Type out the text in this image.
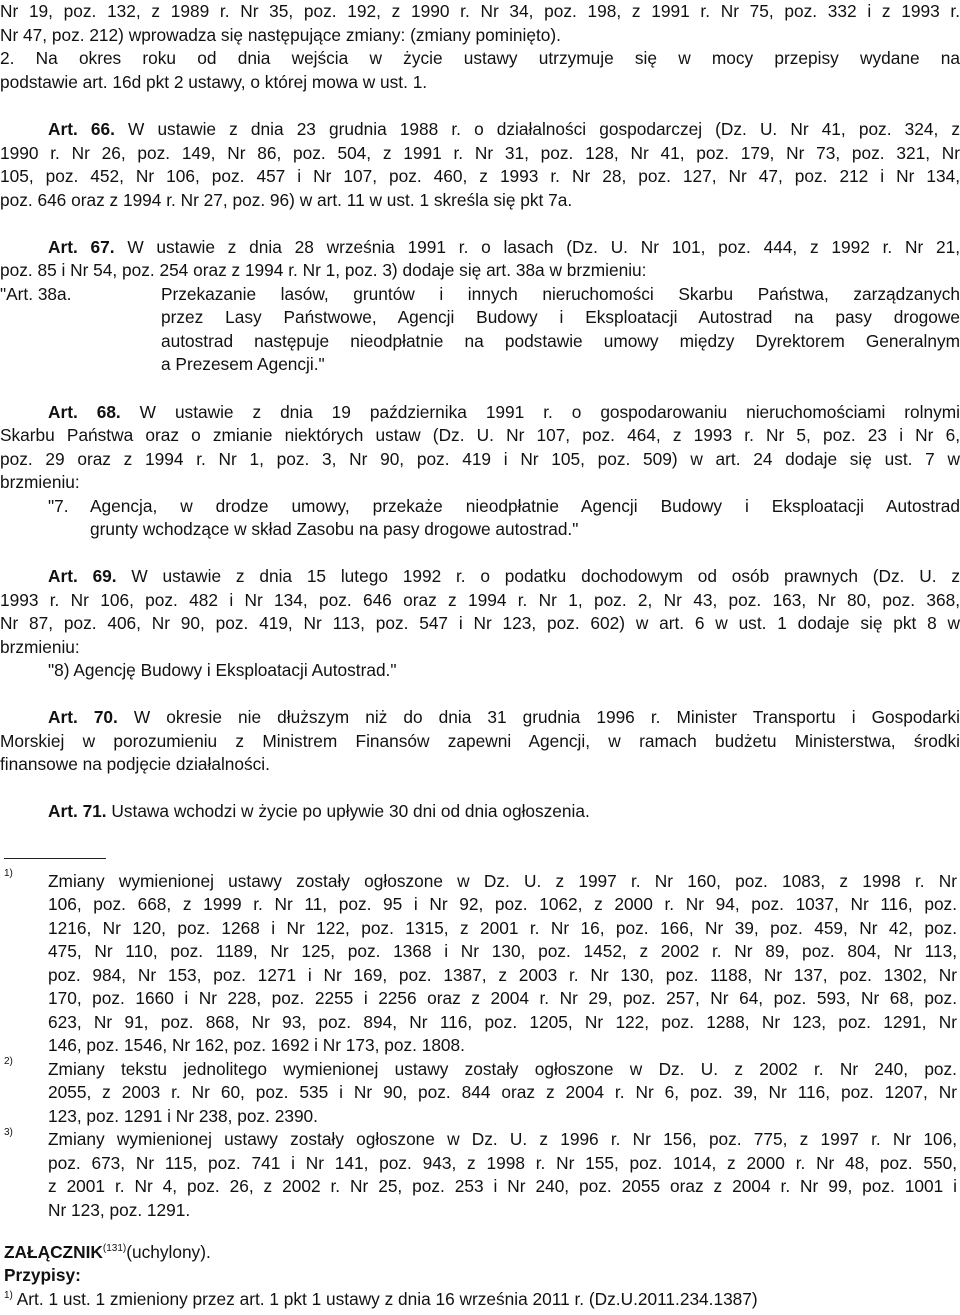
Nr 19, poz. 132, z 1989 r. Nr 35, poz. 192, z 1990 r. Nr 34, poz. 198, z 1991 r. Nr 75, poz. 332 i z 1993 r.
Nr 47, poz. 212) wprowadza się następujące zmiany: (zmiany pominięto).
2. Na okres roku od dnia wejścia w życie ustawy utrzymuje się w mocy przepisy wydane na
podstawie art. 16d pkt 2 ustawy, o której mowa w ust. 1.
Art. 66. W ustawie z dnia 23 grudnia 1988 r. o działalności gospodarczej (Dz. U. Nr 41, poz. 324, z
1990 r. Nr 26, poz. 149, Nr 86, poz. 504, z 1991 r. Nr 31, poz. 128, Nr 41, poz. 179, Nr 73, poz. 321, Nr
105, poz. 452, Nr 106, poz. 457 i Nr 107, poz. 460, z 1993 r. Nr 28, poz. 127, Nr 47, poz. 212 i Nr 134,
poz. 646 oraz z 1994 r. Nr 27, poz. 96) w art. 11 w ust. 1 skreśla się pkt 7a.
Art. 67. W ustawie z dnia 28 września 1991 r. o lasach (Dz. U. Nr 101, poz. 444, z 1992 r. Nr 21,
poz. 85 i Nr 54, poz. 254 oraz z 1994 r. Nr 1, poz. 3) dodaje się art. 38a w brzmieniu:
"Art. 38a.	Przekazanie lasów, gruntów i innych nieruchomości Skarbu Państwa, zarządzanych
przez Lasy Państwowe, Agencji Budowy i Eksploatacji Autostrad na pasy drogowe
autostrad następuje nieodpłatnie na podstawie umowy między Dyrektorem Generalnym
a Prezesem Agencji."
Art. 68. W ustawie z dnia 19 października 1991 r. o gospodarowaniu nieruchomościami rolnymi
Skarbu Państwa oraz o zmianie niektórych ustaw (Dz. U. Nr 107, poz. 464, z 1993 r. Nr 5, poz. 23 i Nr 6,
poz. 29 oraz z 1994 r. Nr 1, poz. 3, Nr 90, poz. 419 i Nr 105, poz. 509) w art. 24 dodaje się ust. 7 w
brzmieniu:
"7. Agencja, w drodze umowy, przekaże nieodpłatnie Agencji Budowy i Eksploatacji Autostrad
grunty wchodzące w skład Zasobu na pasy drogowe autostrad."
Art. 69. W ustawie z dnia 15 lutego 1992 r. o podatku dochodowym od osób prawnych (Dz. U. z
1993 r. Nr 106, poz. 482 i Nr 134, poz. 646 oraz z 1994 r. Nr 1, poz. 2, Nr 43, poz. 163, Nr 80, poz. 368,
Nr 87, poz. 406, Nr 90, poz. 419, Nr 113, poz. 547 i Nr 123, poz. 602) w art. 6 w ust. 1 dodaje się pkt 8 w
brzmieniu:
"8) Agencję Budowy i Eksploatacji Autostrad."
Art. 70. W okresie nie dłuższym niż do dnia 31 grudnia 1996 r. Minister Transportu i Gospodarki
Morskiej w porozumieniu z Ministrem Finansów zapewni Agencji, w ramach budżetu Ministerstwa, środki
finansowe na podjęcie działalności.
Art. 71. Ustawa wchodzi w życie po upływie 30 dni od dnia ogłoszenia.
1) Zmiany wymienionej ustawy zostały ogłoszone w Dz. U. z 1997 r. Nr 160, poz. 1083, z 1998 r. Nr
106, poz. 668, z 1999 r. Nr 11, poz. 95 i Nr 92, poz. 1062, z 2000 r. Nr 94, poz. 1037, Nr 116, poz.
1216, Nr 120, poz. 1268 i Nr 122, poz. 1315, z 2001 r. Nr 16, poz. 166, Nr 39, poz. 459, Nr 42, poz.
475, Nr 110, poz. 1189, Nr 125, poz. 1368 i Nr 130, poz. 1452, z 2002 r. Nr 89, poz. 804, Nr 113,
poz. 984, Nr 153, poz. 1271 i Nr 169, poz. 1387, z 2003 r. Nr 130, poz. 1188, Nr 137, poz. 1302, Nr
170, poz. 1660 i Nr 228, poz. 2255 i 2256 oraz z 2004 r. Nr 29, poz. 257, Nr 64, poz. 593, Nr 68, poz.
623, Nr 91, poz. 868, Nr 93, poz. 894, Nr 116, poz. 1205, Nr 122, poz. 1288, Nr 123, poz. 1291, Nr
146, poz. 1546, Nr 162, poz. 1692 i Nr 173, poz. 1808.
2) Zmiany tekstu jednolitego wymienionej ustawy zostały ogłoszone w Dz. U. z 2002 r. Nr 240, poz.
2055, z 2003 r. Nr 60, poz. 535 i Nr 90, poz. 844 oraz z 2004 r. Nr 6, poz. 39, Nr 116, poz. 1207, Nr
123, poz. 1291 i Nr 238, poz. 2390.
3) Zmiany wymienionej ustawy zostały ogłoszone w Dz. U. z 1996 r. Nr 156, poz. 775, z 1997 r. Nr 106,
poz. 673, Nr 115, poz. 741 i Nr 141, poz. 943, z 1998 r. Nr 155, poz. 1014, z 2000 r. Nr 48, poz. 550,
z 2001 r. Nr 4, poz. 26, z 2002 r. Nr 25, poz. 253 i Nr 240, poz. 2055 oraz z 2004 r. Nr 99, poz. 1001 i
Nr 123, poz. 1291.
ZAŁĄCZNIK$^{(131)}$(uchylony).
Przypisy:
$^{1)}$ Art. 1 ust. 1 zmieniony przez art. 1 pkt 1 ustawy z dnia 16 września 2011 r. (Dz.U.2011.234.1387)
